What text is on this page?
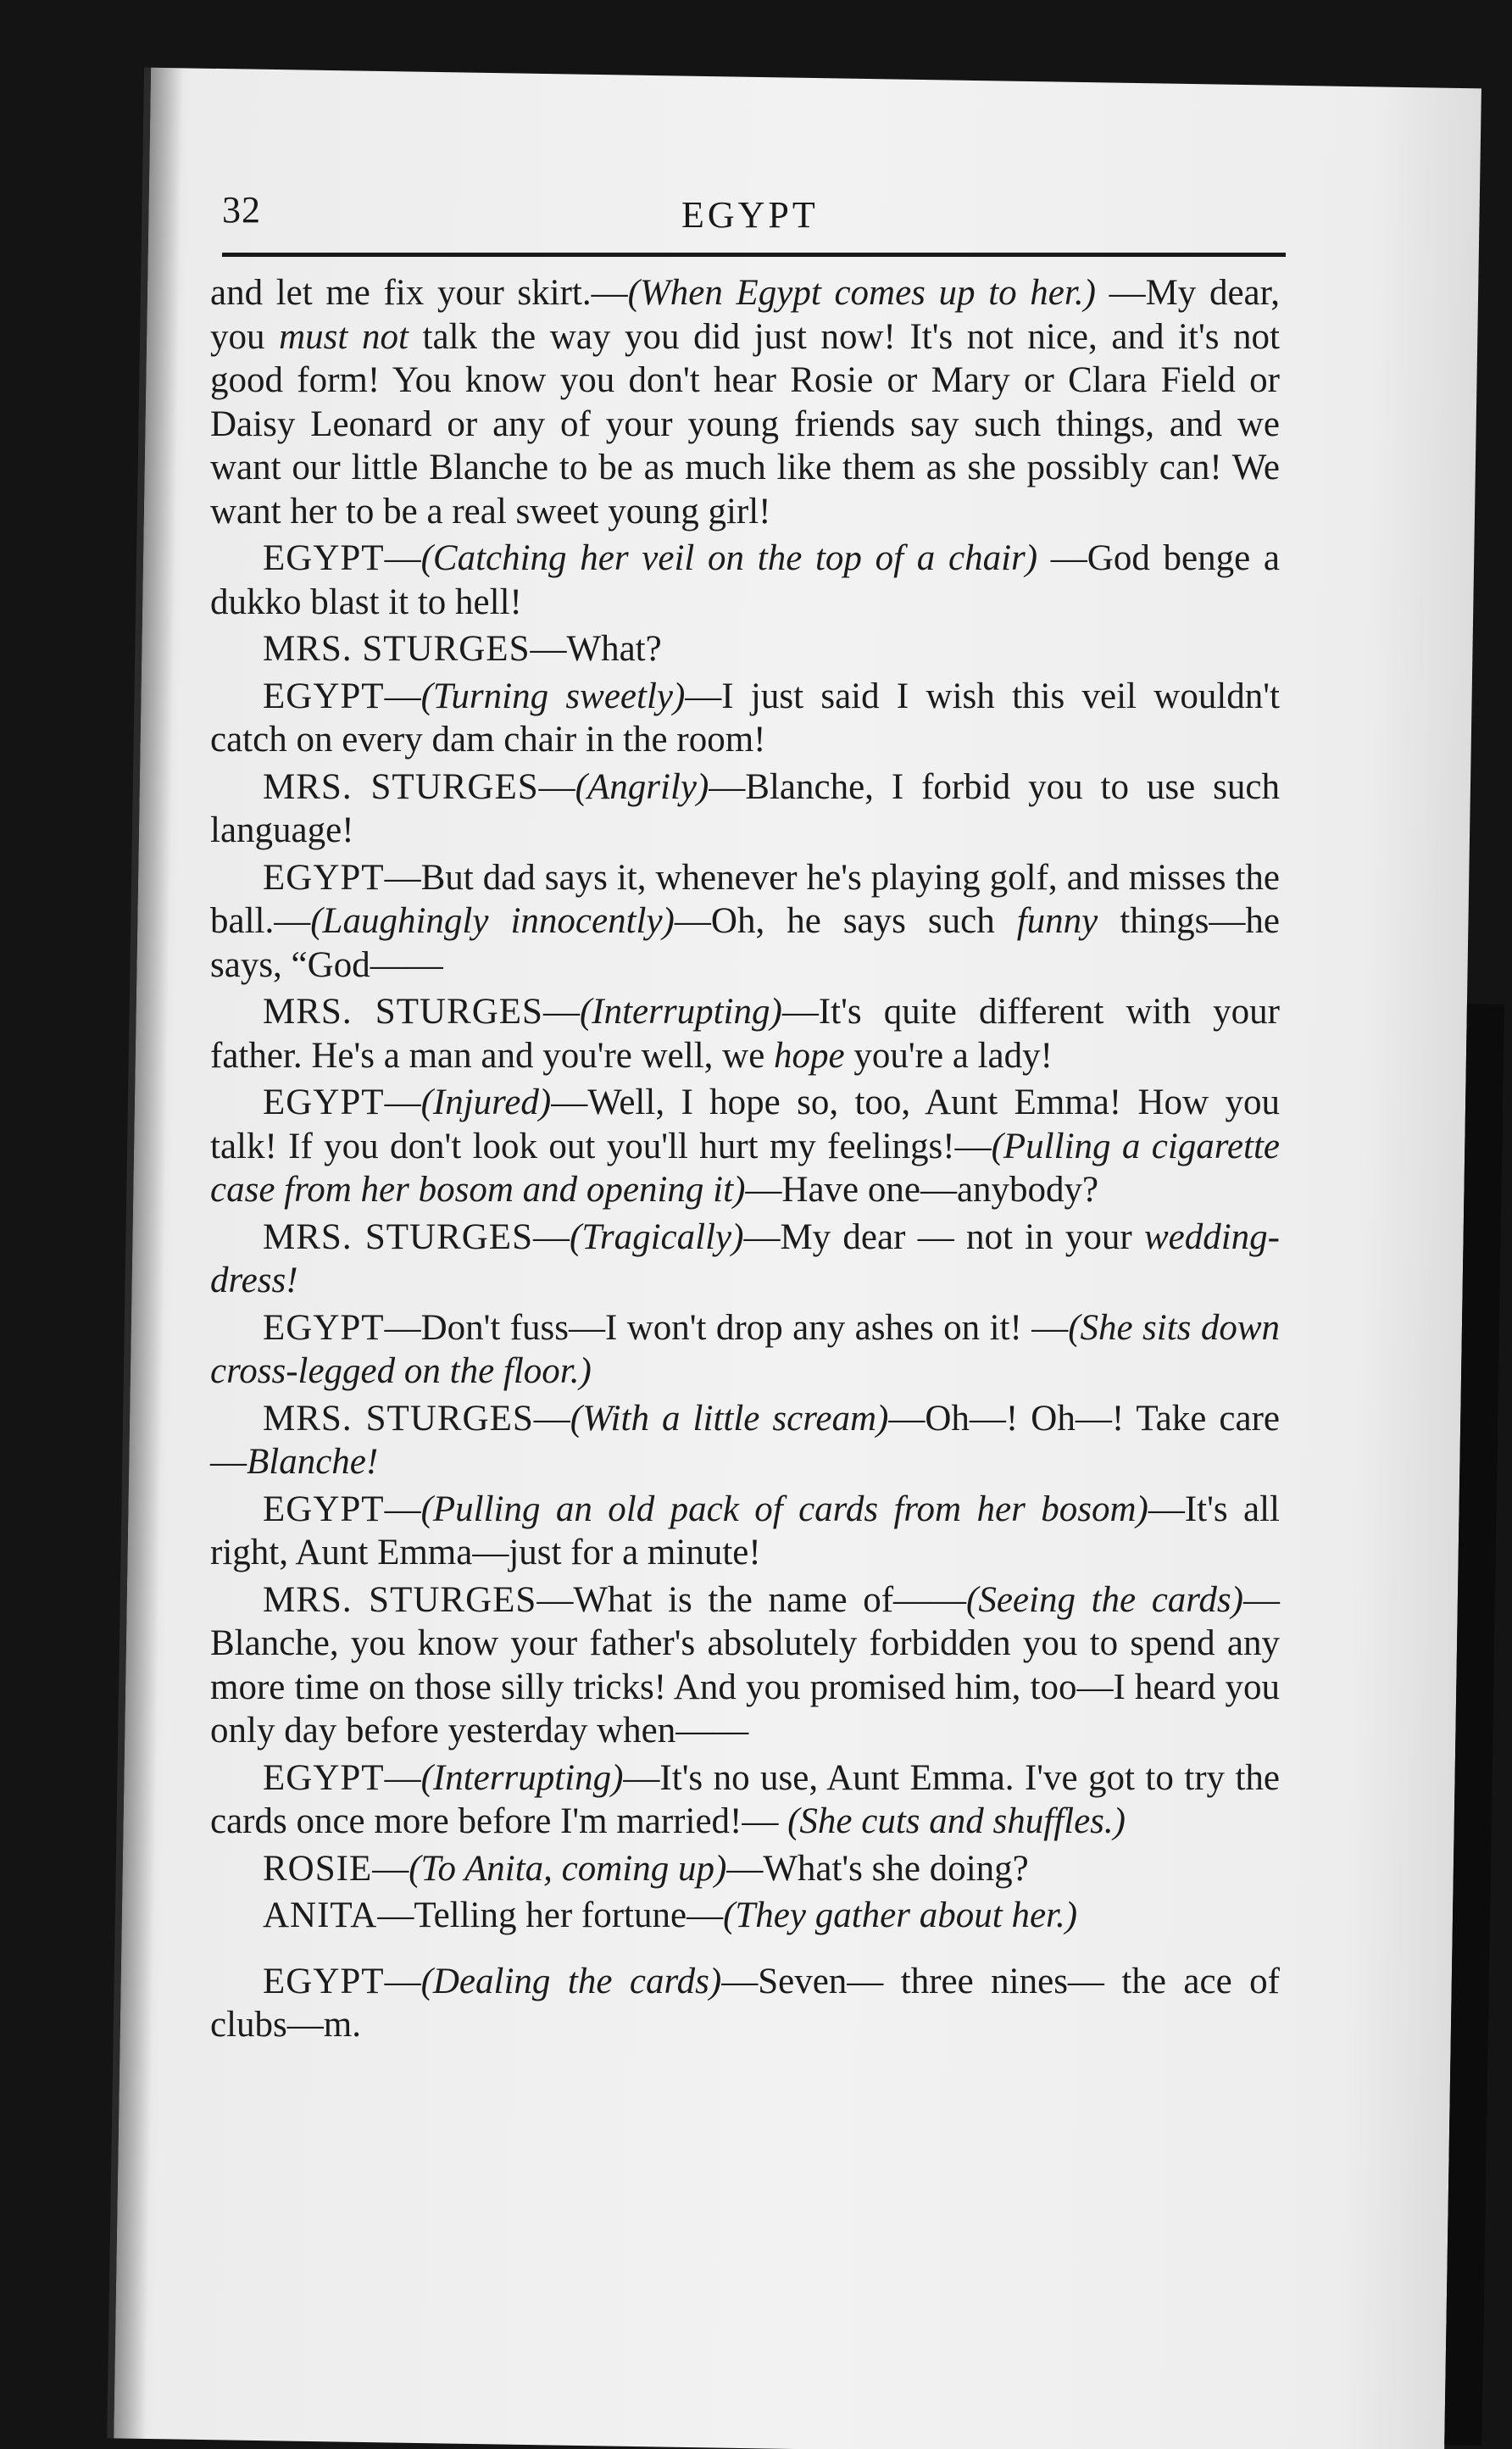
32	EGYPT

and let me fix your skirt.—(When Egypt comes up to her.) —My dear, you must not talk the way you did just now! It's not nice, and it's not good form! You know you don't hear Rosie or Mary or Clara Field or Daisy Leonard or any of your young friends say such things, and we want our little Blanche to be as much like them as she possibly can! We want her to be a real sweet young girl!

EGYPT—(Catching her veil on the top of a chair) —God benge a dukko blast it to hell!

MRS. STURGES—What?

EGYPT—(Turning sweetly)—I just said I wish this veil wouldn't catch on every dam chair in the room!

MRS. STURGES—(Angrily)—Blanche, I forbid you to use such language!

EGYPT—But dad says it, whenever he's playing golf, and misses the ball.—(Laughingly innocently)—Oh, he says such funny things—he says, “God——

MRS. STURGES—(Interrupting)—It's quite different with your father. He's a man and you're well, we hope you're a lady!

EGYPT—(Injured)—Well, I hope so, too, Aunt Emma! How you talk! If you don't look out you'll hurt my feelings!—(Pulling a cigarette case from her bosom and opening it)—Have one—anybody?

MRS. STURGES—(Tragically)—My dear — not in your wedding-dress!

EGYPT—Don't fuss—I won't drop any ashes on it! —(She sits down cross-legged on the floor.)

MRS. STURGES—(With a little scream)—Oh—! Oh—! Take care—Blanche!

EGYPT—(Pulling an old pack of cards from her bosom)—It's all right, Aunt Emma—just for a minute!

MRS. STURGES—What is the name of——(Seeing the cards)—Blanche, you know your father's absolutely forbidden you to spend any more time on those silly tricks! And you promised him, too—I heard you only day before yesterday when——

EGYPT—(Interrupting)—It's no use, Aunt Emma. I've got to try the cards once more before I'm married!— (She cuts and shuffles.)

ROSIE—(To Anita, coming up)—What's she doing?

ANITA—Telling her fortune—(They gather about her.)

EGYPT—(Dealing the cards)—Seven— three nines— the ace of clubs—m.
